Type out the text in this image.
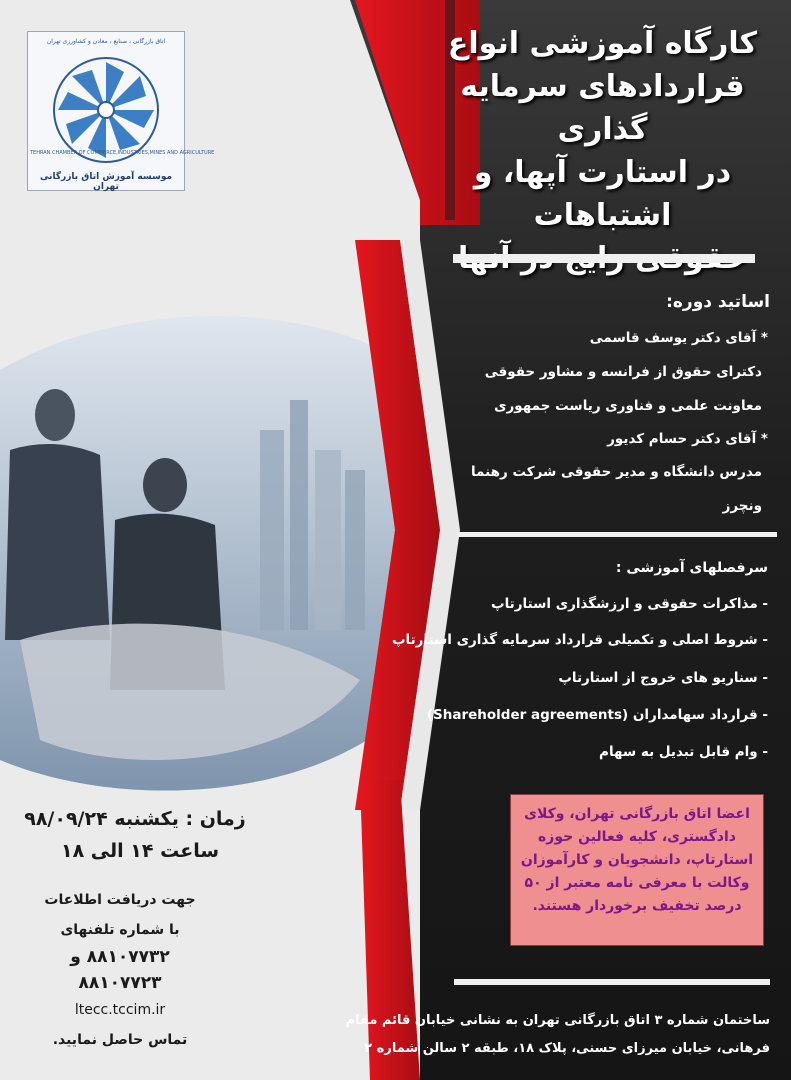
اتاق بازرگانی ، صنایع ، معادن و کشاورزی تهران
TEHRAN CHAMBER OF COMMERCE,INDUSTRIES,MINES AND AGRICULTURE
موسسه آموزش اتاق بازرگانی تهران
کارگاه آموزشی انواع
قراردادهای سرمایه گذاری
در استارت آپها، و اشتباهات
اساتید دوره:
* آقای دکتر یوسف قاسمی
دکترای حقوق از فرانسه و مشاور حقوقی
معاونت علمی و فناوری ریاست جمهوری
* آقای دکتر حسام کدیور
مدرس دانشگاه و مدیر حقوقی شرکت رهنما
ونچرز
سرفصلهای آموزشی :
- مذاکرات حقوقی و ارزشگذاری استارتاپ
- شروط اصلی و تکمیلی قرارداد سرمایه گذاری استارتاپ
- سناریو های خروج از استارتاپ
- قرارداد سهامداران (Shareholder agreements)
- وام قابل تبدیل به سهام
اعضا اتاق بازرگانی تهران، وکلای
دادگستری، کلیه فعالین حوزه
استارتاپ، دانشجویان و کارآموزان
وکالت با معرفی نامه معتبر از ۵۰
درصد تخفیف برخوردار هستند.
زمان : یکشنبه ۹۸/۰۹/۲۴
ساعت ۱۴ الی ۱۸
جهت دریافت اطلاعات
با شماره تلفنهای
۸۸۱۰۷۷۳۲ و
۸۸۱۰۷۷۲۳
ltecc.tccim.ir
تماس حاصل نمایید.
ساختمان شماره ۳ اتاق بازرگانی تهران به نشانی خیابان قائم مقام
فرهانی، خیابان میرزای حسنی، پلاک ۱۸، طبقه ۲ سالن شماره ۲
